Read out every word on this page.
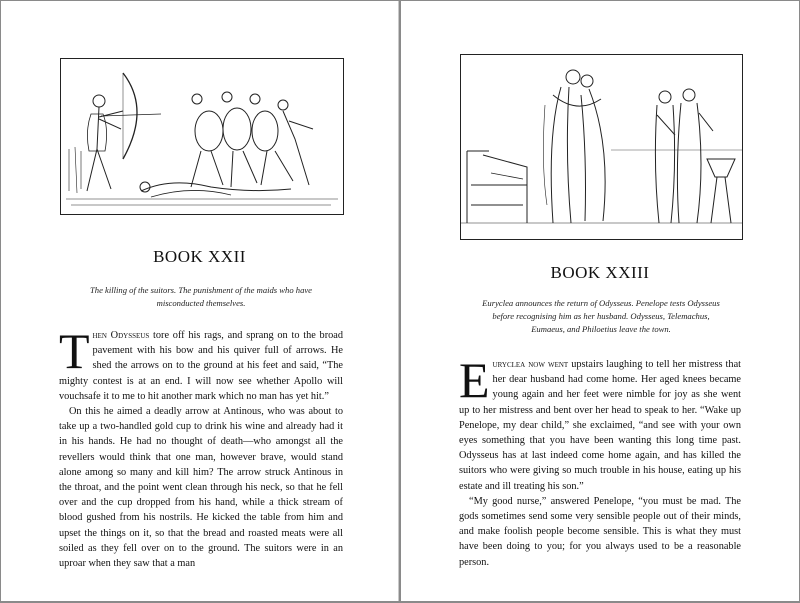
BOOK XXII
The killing of the suitors. The punishment of the maids who have misconducted themselves.

Then Odysseus tore off his rags, and sprang on to the broad pavement with his bow and his quiver full of arrows. He shed the arrows on to the ground at his feet and said, “The mighty contest is at an end. I will now see whether Apollo will vouchsafe it to me to hit another mark which no man has yet hit.”

On this he aimed a deadly arrow at Antinous, who was about to take up a two-handled gold cup to drink his wine and already had it in his hands. He had no thought of death—who amongst all the revellers would think that one man, however brave, would stand alone among so many and kill him? The arrow struck Antinous in the throat, and the point went clean through his neck, so that he fell over and the cup dropped from his hand, while a thick stream of blood gushed from his nostrils. He kicked the table from him and upset the things on it, so that the bread and roasted meats were all soiled as they fell over on to the ground. The suitors were in an uproar when they saw that a man

BOOK XXIII
Euryclea announces the return of Odysseus. Penelope tests Odysseus before recognising him as her husband. Odysseus, Telemachus, Eumaeus, and Philoetius leave the town.

Euryclea now went upstairs laughing to tell her mistress that her dear husband had come home. Her aged knees became young again and her feet were nimble for joy as she went up to her mistress and bent over her head to speak to her. “Wake up Penelope, my dear child,” she exclaimed, “and see with your own eyes something that you have been wanting this long time past. Odysseus has at last indeed come home again, and has killed the suitors who were giving so much trouble in his house, eating up his estate and ill treating his son.”

“My good nurse,” answered Penelope, “you must be mad. The gods sometimes send some very sensible people out of their minds, and make foolish people become sensible. This is what they must have been doing to you; for you always used to be a reasonable person.
